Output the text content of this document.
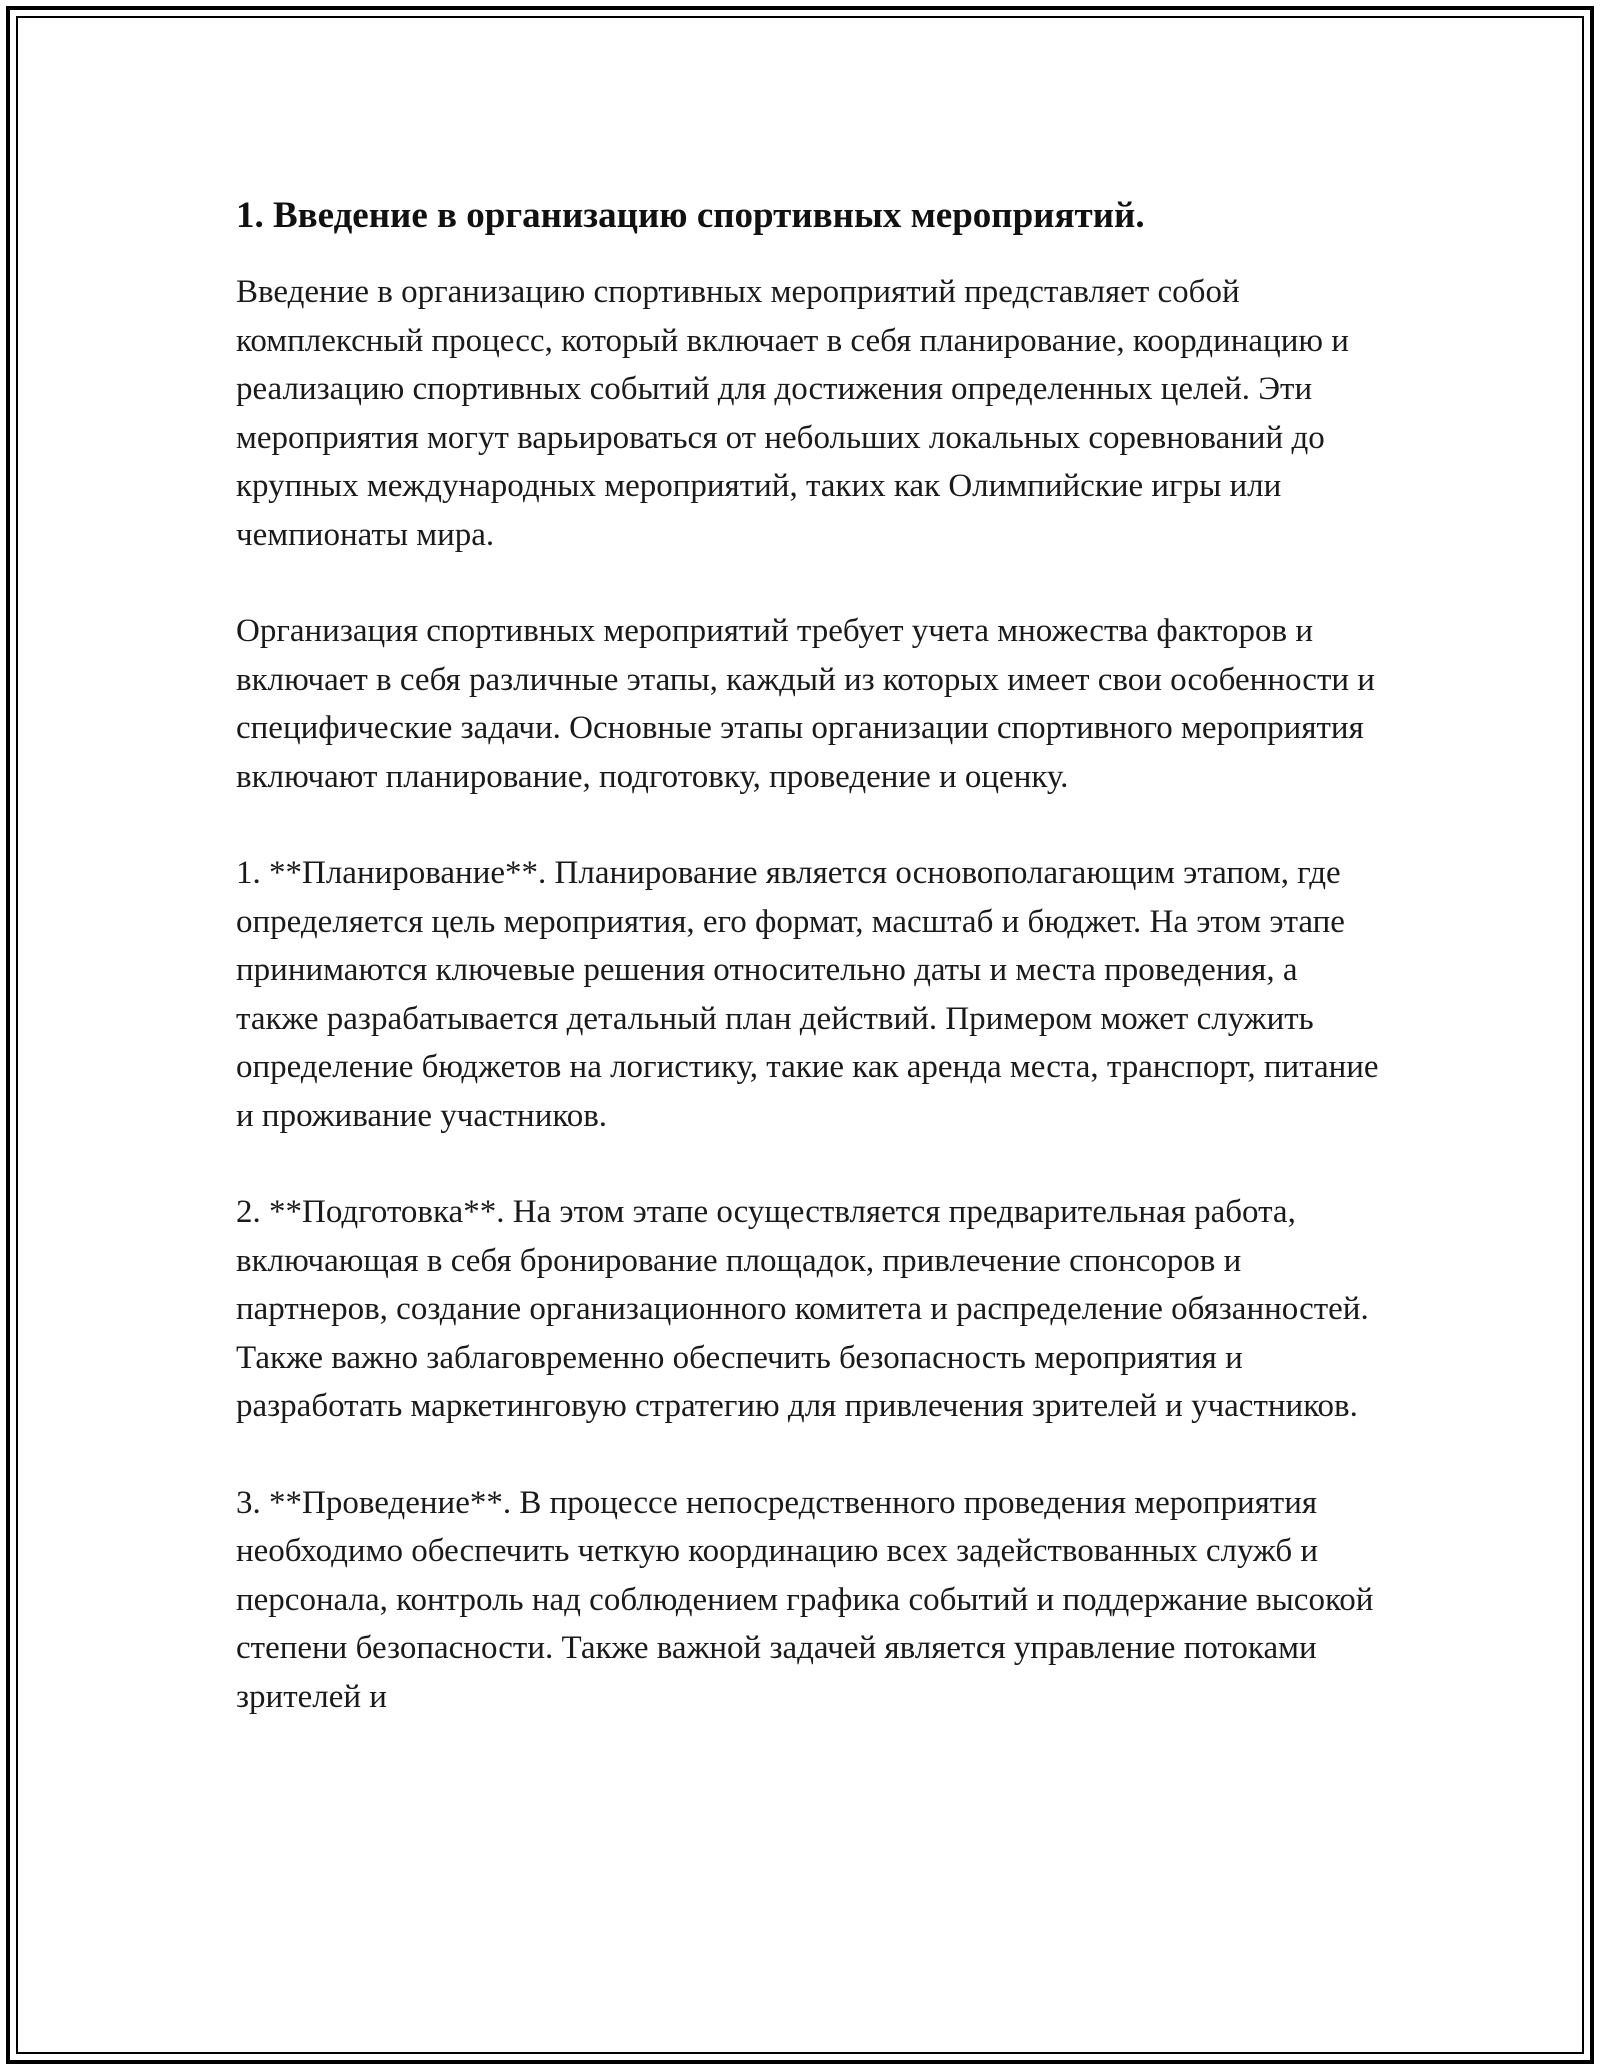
1. Введение в организацию спортивных мероприятий.

Введение в организацию спортивных мероприятий представляет собой комплексный процесс, который включает в себя планирование, координацию и реализацию спортивных событий для достижения определенных целей. Эти мероприятия могут варьироваться от небольших локальных соревнований до крупных международных мероприятий, таких как Олимпийские игры или чемпионаты мира.

Организация спортивных мероприятий требует учета множества факторов и включает в себя различные этапы, каждый из которых имеет свои особенности и специфические задачи. Основные этапы организации спортивного мероприятия включают планирование, подготовку, проведение и оценку.

1. **Планирование**. Планирование является основополагающим этапом, где определяется цель мероприятия, его формат, масштаб и бюджет. На этом этапе принимаются ключевые решения относительно даты и места проведения, а также разрабатывается детальный план действий. Примером может служить определение бюджетов на логистику, такие как аренда места, транспорт, питание и проживание участников.

2. **Подготовка**. На этом этапе осуществляется предварительная работа, включающая в себя бронирование площадок, привлечение спонсоров и партнеров, создание организационного комитета и распределение обязанностей. Также важно заблаговременно обеспечить безопасность мероприятия и разработать маркетинговую стратегию для привлечения зрителей и участников.

3. **Проведение**. В процессе непосредственного проведения мероприятия необходимо обеспечить четкую координацию всех задействованных служб и персонала, контроль над соблюдением графика событий и поддержание высокой степени безопасности. Также важной задачей является управление потоками зрителей и
